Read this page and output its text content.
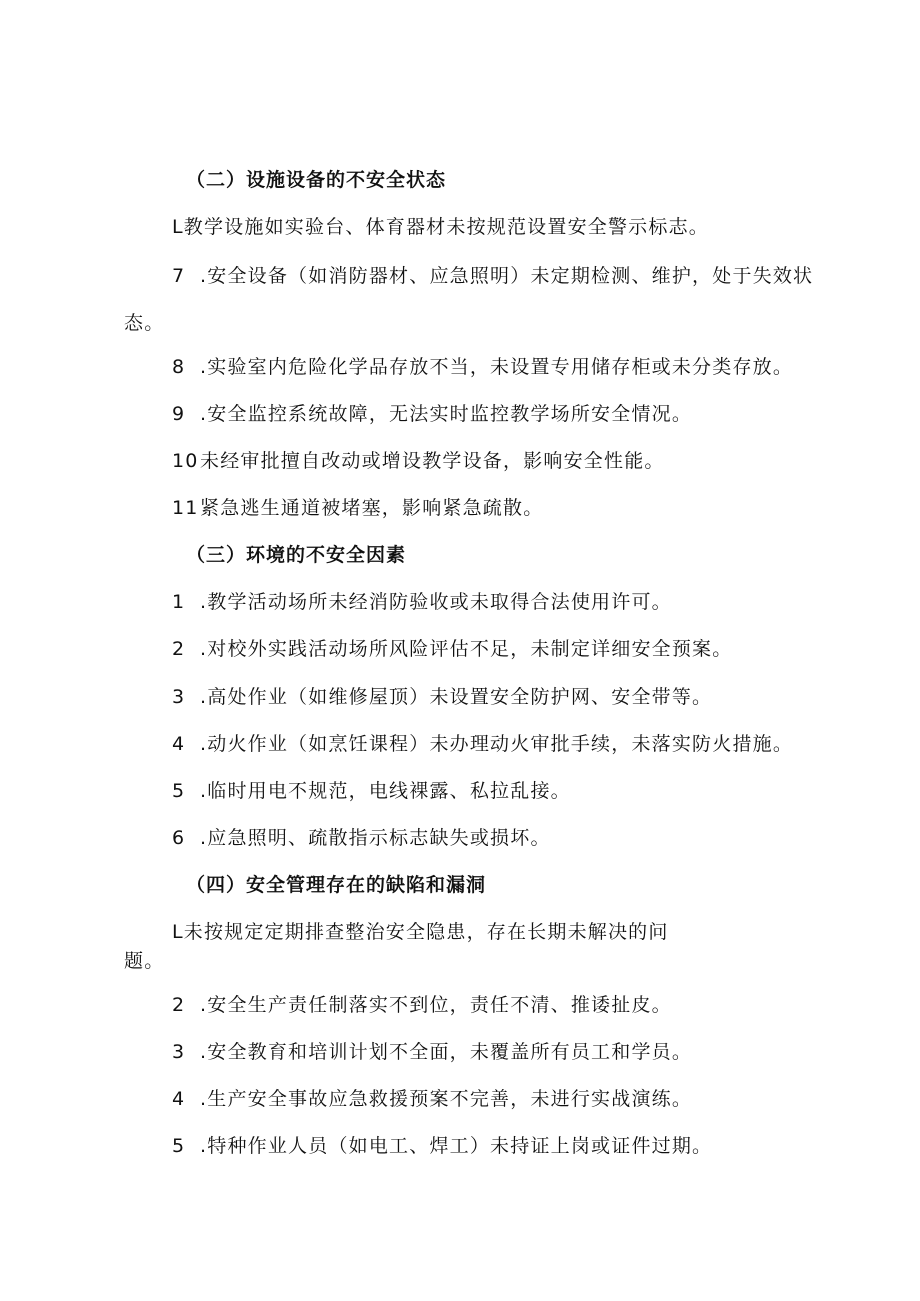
（二）设施设备的不安全状态
L教学设施如实验台、体育器材未按规范设置安全警示标志。
7 .安全设备（如消防器材、应急照明）未定期检测、维护，处于失效状
态。
8 .实验室内危险化学品存放不当，未设置专用储存柜或未分类存放。
9 .安全监控系统故障，无法实时监控教学场所安全情况。
10未经审批擅自改动或增设教学设备，影响安全性能。
11紧急逃生通道被堵塞，影响紧急疏散。
（三）环境的不安全因素
1 .教学活动场所未经消防验收或未取得合法使用许可。
2 .对校外实践活动场所风险评估不足，未制定详细安全预案。
3 .高处作业（如维修屋顶）未设置安全防护网、安全带等。
4 .动火作业（如烹饪课程）未办理动火审批手续，未落实防火措施。
5 .临时用电不规范，电线裸露、私拉乱接。
6 .应急照明、疏散指示标志缺失或损坏。
（四）安全管理存在的缺陷和漏洞
L未按规定定期排查整治安全隐患，存在长期未解决的问
题。
2 .安全生产责任制落实不到位，责任不清、推诿扯皮。
3 .安全教育和培训计划不全面，未覆盖所有员工和学员。
4 .生产安全事故应急救援预案不完善，未进行实战演练。
5 .特种作业人员（如电工、焊工）未持证上岗或证件过期。
